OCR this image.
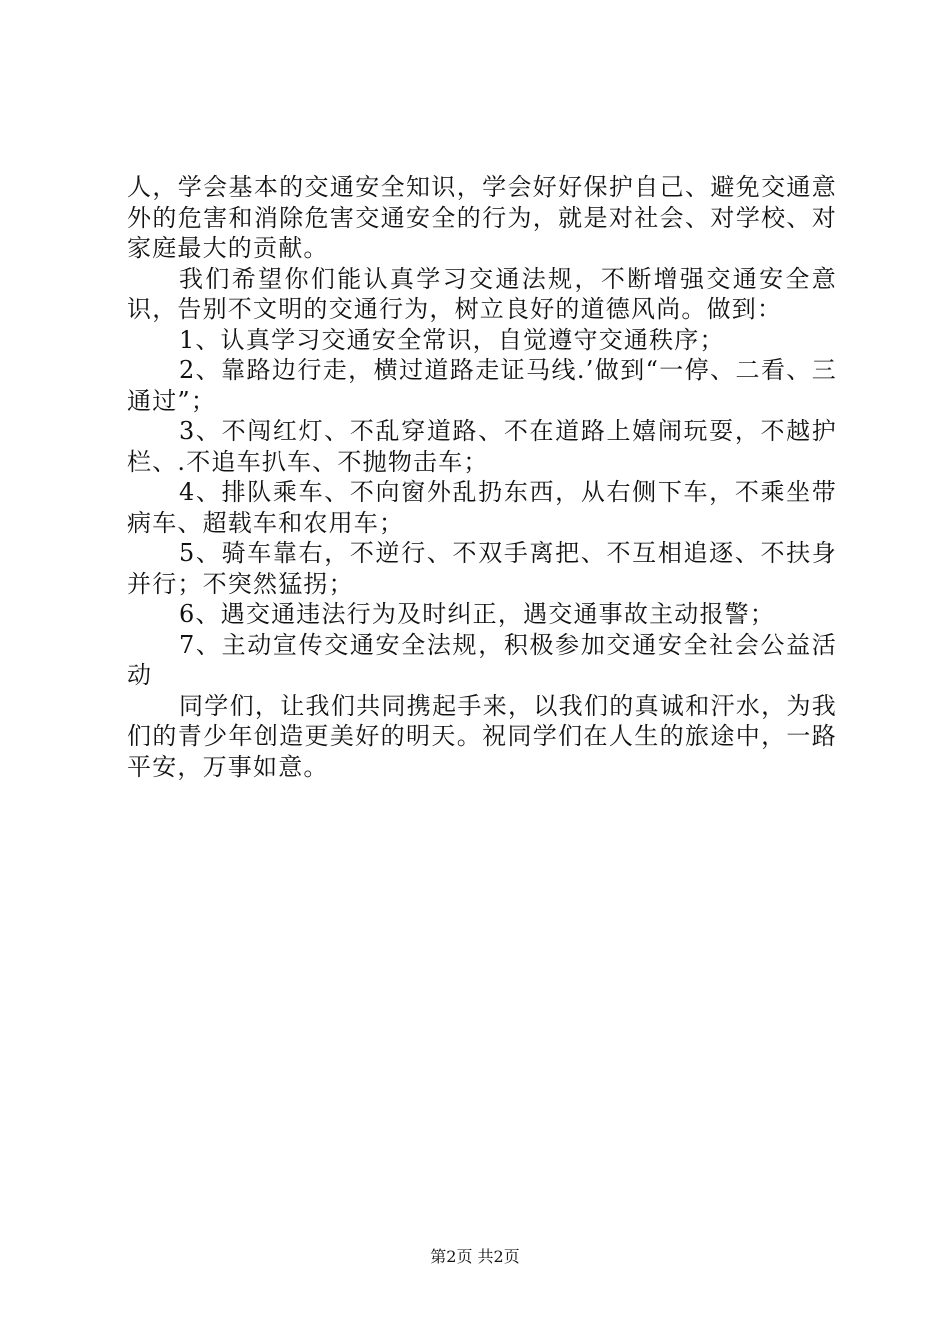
人，学会基本的交通安全知识，学会好好保护自己、避免交通意外的危害和消除危害交通安全的行为，就是对社会、对学校、对家庭最大的贡献。

我们希望你们能认真学习交通法规，不断增强交通安全意识，告别不文明的交通行为，树立良好的道德风尚。做到：

1、认真学习交通安全常识，自觉遵守交通秩序；

2、靠路边行走，横过道路走证马线.’做到“一停、二看、三通过”；

3、不闯红灯、不乱穿道路、不在道路上嬉闹玩耍，不越护栏、.不追车扒车、不抛物击车；

4、排队乘车、不向窗外乱扔东西，从右侧下车，不乘坐带病车、超载车和农用车；

5、骑车靠右，不逆行、不双手离把、不互相追逐、不扶身并行；不突然猛拐；

6、遇交通违法行为及时纠正，遇交通事故主动报警；

7、主动宣传交通安全法规，积极参加交通安全社会公益活动

同学们，让我们共同携起手来，以我们的真诚和汗水，为我们的青少年创造更美好的明天。祝同学们在人生的旅途中，一路平安，万事如意。

第2页 共2页
